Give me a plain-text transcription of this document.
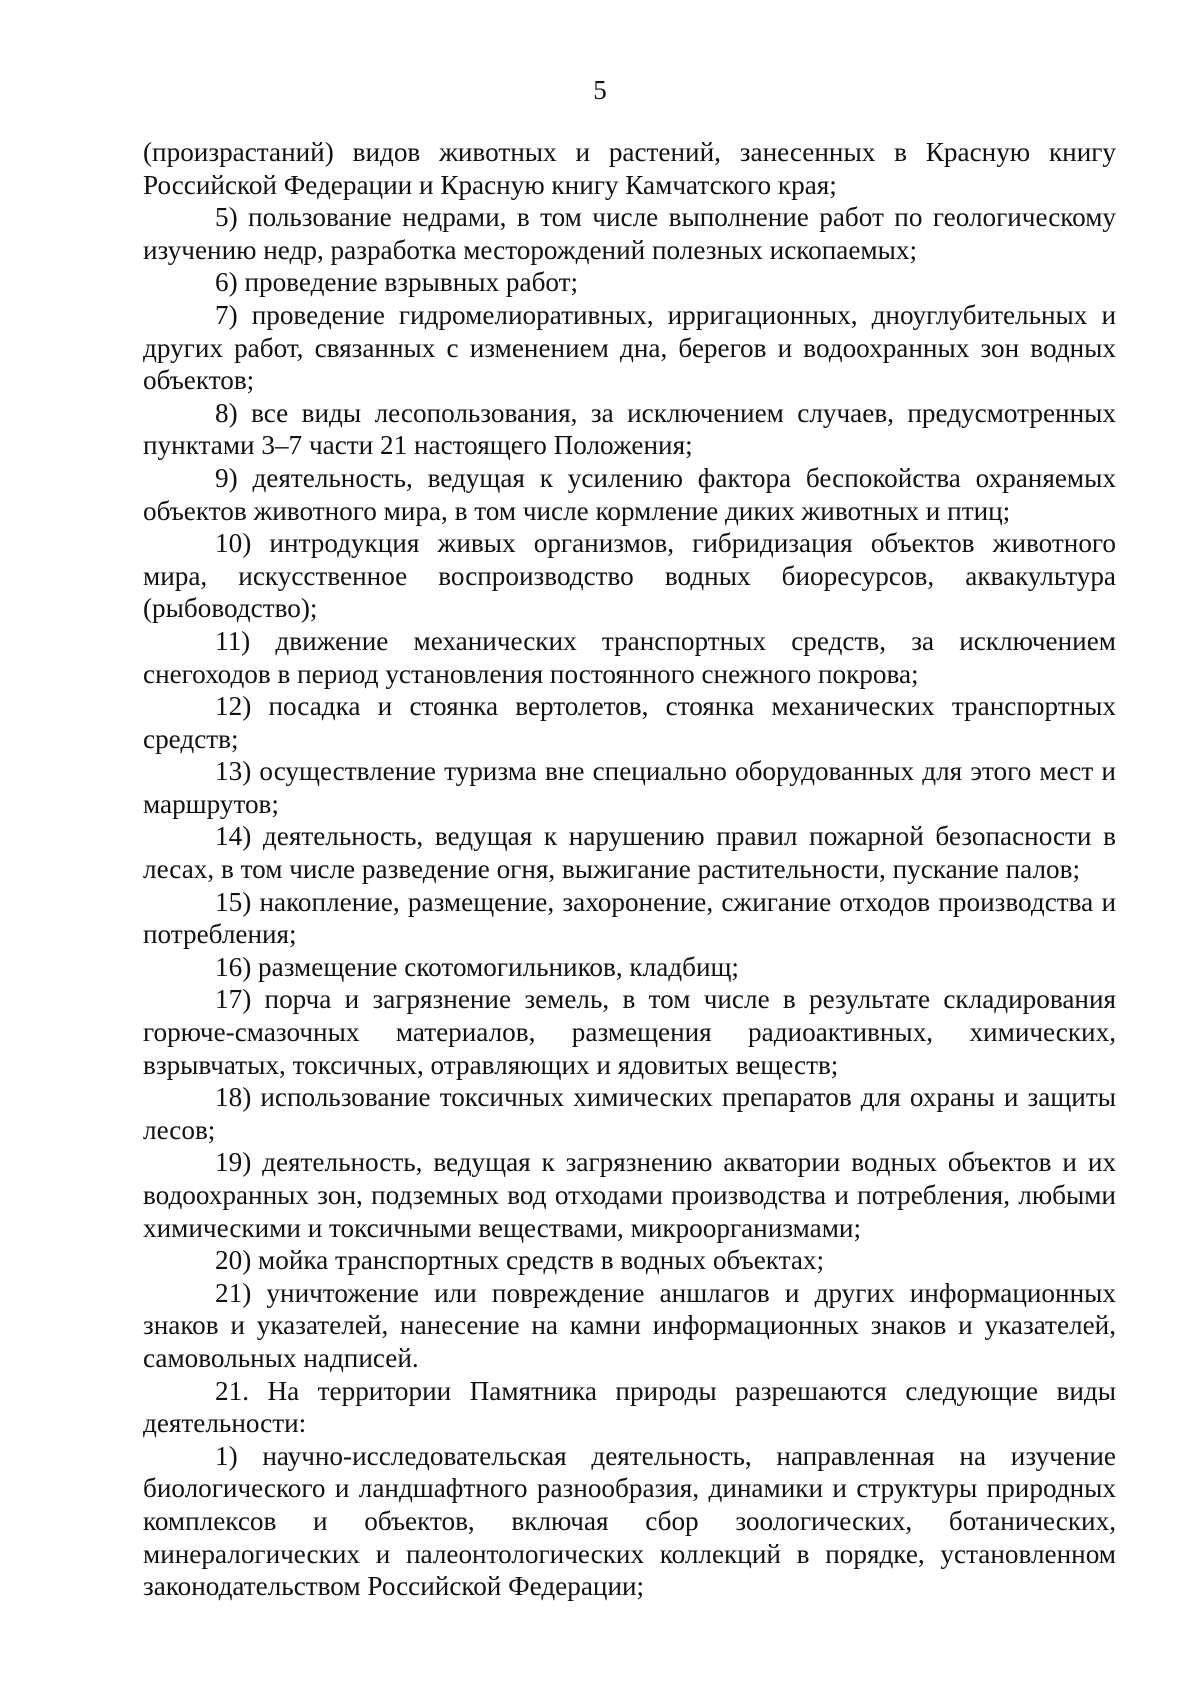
5

(произрастаний) видов животных и растений, занесенных в Красную книгу Российской Федерации и Красную книгу Камчатского края;

5) пользование недрами, в том числе выполнение работ по геологическому изучению недр, разработка месторождений полезных ископаемых;

6) проведение взрывных работ;

7) проведение гидромелиоративных, ирригационных, дноуглубительных и других работ, связанных с изменением дна, берегов и водоохранных зон водных объектов;

8) все виды лесопользования, за исключением случаев, предусмотренных пунктами 3–7 части 21 настоящего Положения;

9) деятельность, ведущая к усилению фактора беспокойства охраняемых объектов животного мира, в том числе кормление диких животных и птиц;

10) интродукция живых организмов, гибридизация объектов животного мира, искусственное воспроизводство водных биоресурсов, аквакультура (рыбоводство);

11) движение механических транспортных средств, за исключением снегоходов в период установления постоянного снежного покрова;

12) посадка и стоянка вертолетов, стоянка механических транспортных средств;

13) осуществление туризма вне специально оборудованных для этого мест и маршрутов;

14) деятельность, ведущая к нарушению правил пожарной безопасности в лесах, в том числе разведение огня, выжигание растительности, пускание палов;

15) накопление, размещение, захоронение, сжигание отходов производства и потребления;

16) размещение скотомогильников, кладбищ;

17) порча и загрязнение земель, в том числе в результате складирования горюче-смазочных материалов, размещения радиоактивных, химических, взрывчатых, токсичных, отравляющих и ядовитых веществ;

18) использование токсичных химических препаратов для охраны и защиты лесов;

19) деятельность, ведущая к загрязнению акватории водных объектов и их водоохранных зон, подземных вод отходами производства и потребления, любыми химическими и токсичными веществами, микроорганизмами;

20) мойка транспортных средств в водных объектах;

21) уничтожение или повреждение аншлагов и других информационных знаков и указателей, нанесение на камни информационных знаков и указателей, самовольных надписей.

21. На территории Памятника природы разрешаются следующие виды деятельности:

1) научно-исследовательская деятельность, направленная на изучение биологического и ландшафтного разнообразия, динамики и структуры природных комплексов и объектов, включая сбор зоологических, ботанических, минералогических и палеонтологических коллекций в порядке, установленном законодательством Российской Федерации;
